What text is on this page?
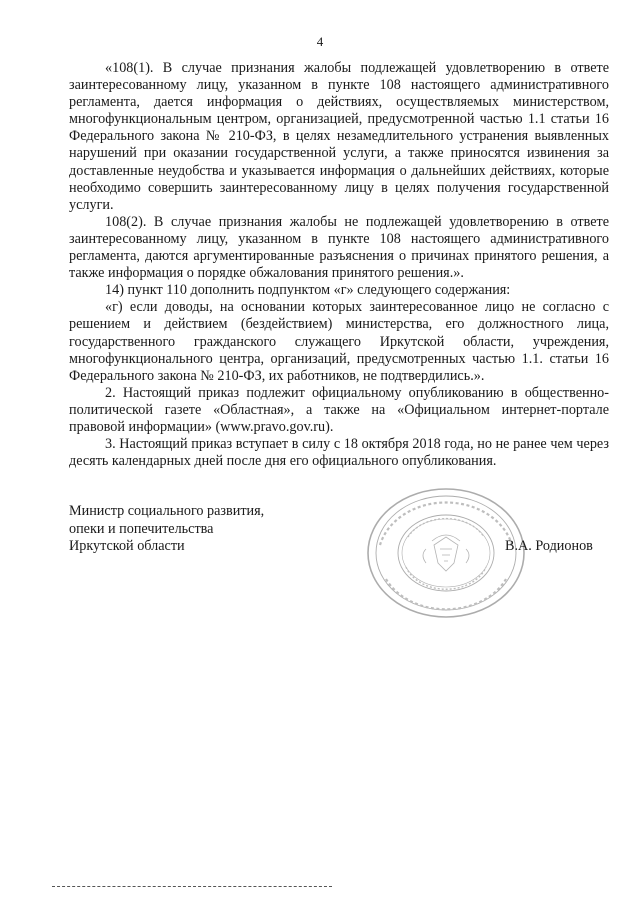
4

«108(1). В случае признания жалобы подлежащей удовлетворению в ответе заинтересованному лицу, указанном в пункте 108 настоящего административного регламента, дается информация о действиях, осуществляемых министерством, многофункциональным центром, организацией, предусмотренной частью 1.1 статьи 16 Федерального закона № 210-ФЗ, в целях незамедлительного устранения выявленных нарушений при оказании государственной услуги, а также приносятся извинения за доставленные неудобства и указывается информация о дальнейших действиях, которые необходимо совершить заинтересованному лицу в целях получения государственной услуги.

108(2). В случае признания жалобы не подлежащей удовлетворению в ответе заинтересованному лицу, указанном в пункте 108 настоящего административного регламента, даются аргументированные разъяснения о причинах принятого решения, а также информация о порядке обжалования принятого решения.».

14) пункт 110 дополнить подпунктом «г» следующего содержания:

«г) если доводы, на основании которых заинтересованное лицо не согласно с решением и действием (бездействием) министерства, его должностного лица, государственного гражданского служащего Иркутской области, учреждения, многофункционального центра, организаций, предусмотренных частью 1.1. статьи 16 Федерального закона № 210-ФЗ, их работников, не подтвердились.».

2. Настоящий приказ подлежит официальному опубликованию в общественно-политической газете «Областная», а также на «Официальном интернет-портале правовой информации» (www.pravo.gov.ru).

3. Настоящий приказ вступает в силу с 18 октября 2018 года, но не ранее чем через десять календарных дней после дня его официального опубликования.

Министр социального развития,
опеки и попечительства
Иркутской области	В.А. Родионов
